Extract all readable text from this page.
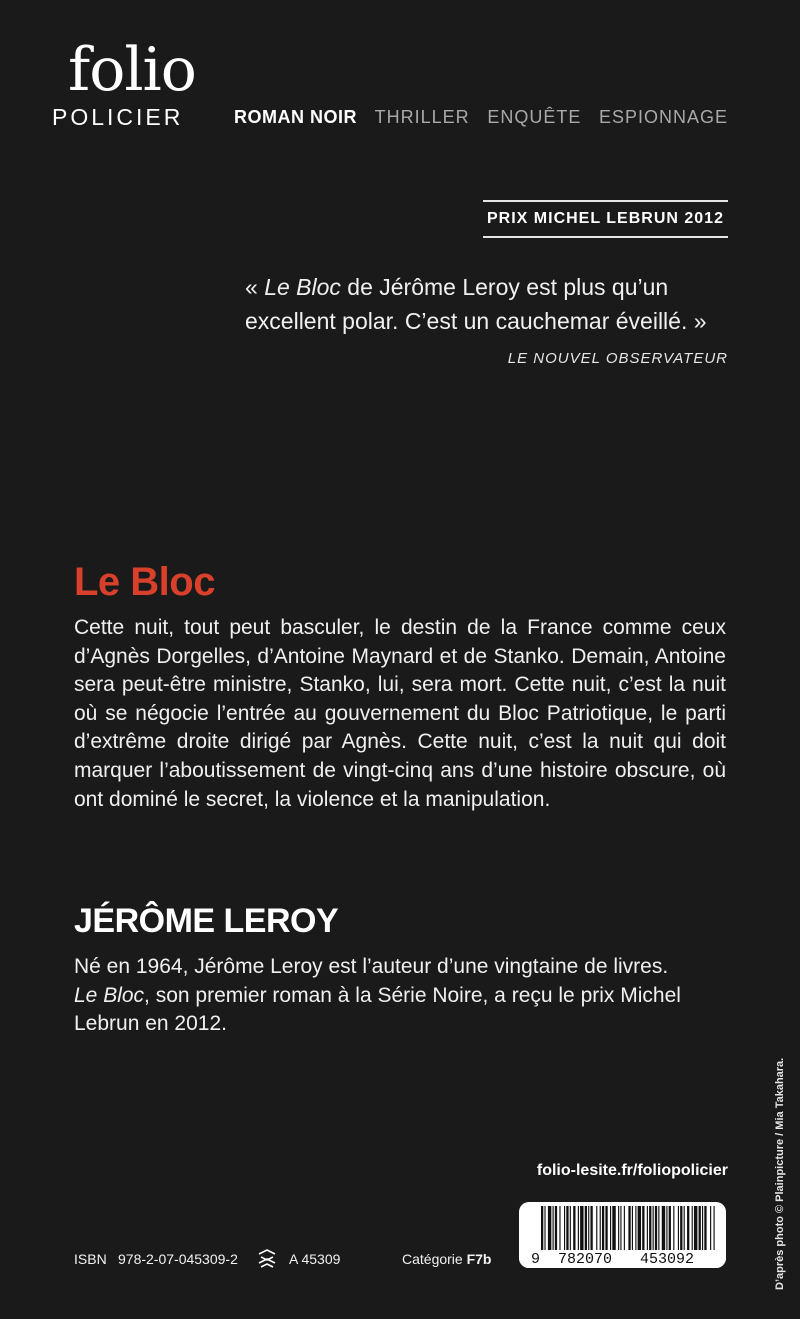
folio
POLICIER	ROMAN NOIR THRILLER ENQUÊTE ESPIONNAGE
PRIX MICHEL LEBRUN 2012
« Le Bloc de Jérôme Leroy est plus qu’un
excellent polar. C’est un cauchemar éveillé. »
LE NOUVEL OBSERVATEUR
Le Bloc
Cette nuit, tout peut basculer, le destin de la France comme ceux d’Agnès Dorgelles, d’Antoine Maynard et de Stanko. Demain, Antoine sera peut-être ministre, Stanko, lui, sera mort. Cette nuit, c’est la nuit où se négocie l’entrée au gouvernement du Bloc Patriotique, le parti d’extrême droite dirigé par Agnès. Cette nuit, c’est la nuit qui doit marquer l’aboutissement de vingt-cinq ans d’une histoire obscure, où ont dominé le secret, la violence et la manipulation.
JÉRÔME LEROY
Né en 1964, Jérôme Leroy est l’auteur d’une vingtaine de livres.
Le Bloc, son premier roman à la Série Noire, a reçu le prix Michel Lebrun en 2012.
folio-lesite.fr/foliopolicier
9 782070 453092
ISBN 978-2-07-045309-2	A 45309	Catégorie F7b	D’après photo © Plainpicture / Mia Takahara.
